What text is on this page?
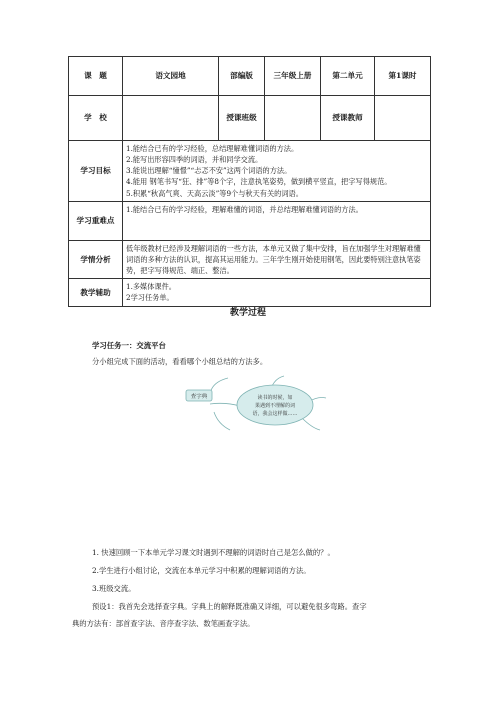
课　题	语文园地	部编版	三年级上册	第二单元	第1课时
学　校		授课班级		授课教师	
学习目标	1.能结合已有的学习经验，总结理解难懂词语的方法。
2.能写出形容四季的词语，并和同学交流。
3.能说出理解“憧憬”“忐忑不安”这两个词语的方法。
4.能用 钢笔书写“狂、排”等8个字，注意执笔姿势，做到横平竖直，把字写得规范。
5.积累“秋高气爽、天高云淡”等9个与秋天有关的词语。				

学习重难点	1.能结合已有的学习经验，理解难懂的词语，并总结理解难懂词语的方法。				
学情分析	低年级教材已经涉及理解词语的一些方法，本单元又做了集中安排，旨在加强学生对理解难懂词语的多种方法的认识，提高其运用能力。三年学生刚开始使用钢笔，因此要特别注意执笔姿势，把字写得规范、端正、整洁。				
教学辅助	1.多媒体课件。
2学习任务单。				
教学过程
学习任务一：交流平台
分小组完成下面的活动，看看哪个小组总结的方法多。
查字典	读书的时候，如
果遇到不理解的词
语，我会这样做……
1. 快速回顾一下本单元学习课文时遇到不理解的词语时自己是怎么做的？。
2.学生进行小组讨论，交流在本单元学习中积累的理解词语的方法。
3.班级交流。
预设1：我首先会选择查字典。字典上的解释既准确又详细，可以避免很多弯路。查字
典的方法有：部首查字法、音序查字法、数笔画查字法。
